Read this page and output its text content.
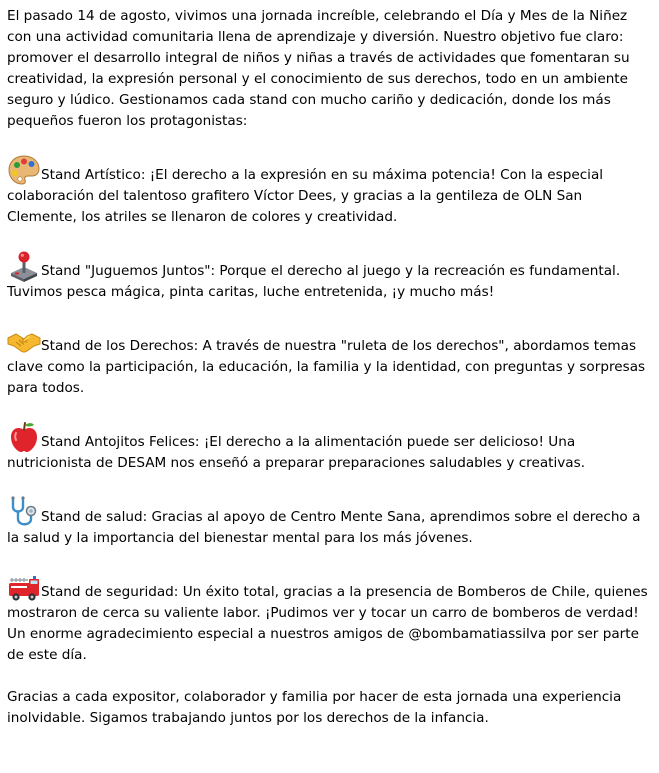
El pasado 14 de agosto, vivimos una jornada increíble, celebrando el Día y Mes de la Niñez con una actividad comunitaria llena de aprendizaje y diversión. Nuestro objetivo fue claro: promover el desarrollo integral de niños y niñas a través de actividades que fomentaran su creatividad, la expresión personal y el conocimiento de sus derechos, todo en un ambiente seguro y lúdico. Gestionamos cada stand con mucho cariño y dedicación, donde los más pequeños fueron los protagonistas:

Stand Artístico: ¡El derecho a la expresión en su máxima potencia! Con la especial colaboración del talentoso grafitero Víctor Dees, y gracias a la gentileza de OLN San Clemente, los atriles se llenaron de colores y creatividad.

Stand "Juguemos Juntos": Porque el derecho al juego y la recreación es fundamental. Tuvimos pesca mágica, pinta caritas, luche entretenida, ¡y mucho más!

Stand de los Derechos: A través de nuestra "ruleta de los derechos", abordamos temas clave como la participación, la educación, la familia y la identidad, con preguntas y sorpresas para todos.

Stand Antojitos Felices: ¡El derecho a la alimentación puede ser delicioso! Una nutricionista de DESAM nos enseñó a preparar preparaciones saludables y creativas.

Stand de salud: Gracias al apoyo de Centro Mente Sana, aprendimos sobre el derecho a la salud y la importancia del bienestar mental para los más jóvenes.

Stand de seguridad: Un éxito total, gracias a la presencia de Bomberos de Chile, quienes mostraron de cerca su valiente labor. ¡Pudimos ver y tocar un carro de bomberos de verdad! Un enorme agradecimiento especial a nuestros amigos de @bombamatiassilva por ser parte de este día.

Gracias a cada expositor, colaborador y familia por hacer de esta jornada una experiencia inolvidable. Sigamos trabajando juntos por los derechos de la infancia.
